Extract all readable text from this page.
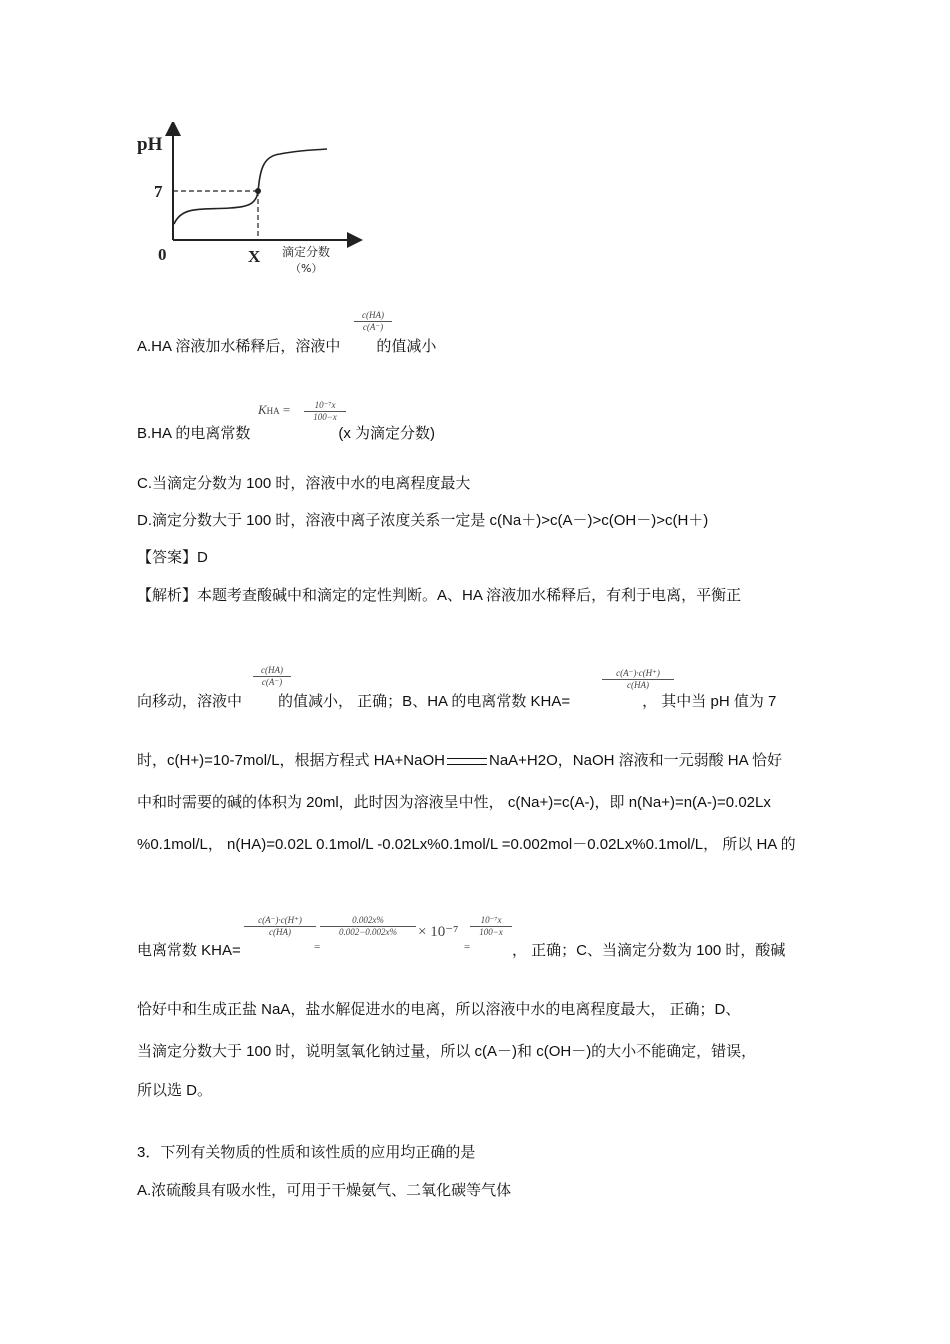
pH
7
0	X 滴定分数
（%）
A.HA 溶液加水稀释后，溶液中 的值减小
c(HA)
c(A⁻)
B.HA 的电离常数	(x 为滴定分数)
KHA =	10⁻⁷x
100−x
C.当滴定分数为 100 时，溶液中水的电离程度最大
D.滴定分数大于 100 时，溶液中离子浓度关系一定是 c(Na＋)>c(A－)>c(OH－)>c(H＋)
【答案】D
【解析】本题考查酸碱中和滴定的定性判断。A、HA 溶液加水稀释后，有利于电离，平衡正
向移动，溶液中 的值减小， 正确；B、HA 的电离常数 KHA=	， 其中当 pH 值为 7
c(HA)
c(A⁻)
c(A⁻)·c(H⁺)
c(HA)
时，c(H+)=10-7mol/L，根据方程式 HA+NaOH	NaA+H2O，NaOH 溶液和一元弱酸 HA 恰好
中和时需要的碱的体积为 20ml，此时因为溶液呈中性， c(Na+)=c(A-)，即 n(Na+)=n(A-)=0.02Lx
%0.1mol/L， n(HA)=0.02L 0.1mol/L -0.02Lx%0.1mol/L =0.002mol－0.02Lx%0.1mol/L， 所以 HA 的
电离常数 KHA=
c(A⁻)·c(H⁺)
c(HA)
=
0.002x%
0.002−0.002x%	× 10⁻⁷
=
10⁻⁷x
100−x
， 正确；C、当滴定分数为 100 时，酸碱
恰好中和生成正盐 NaA，盐水解促进水的电离，所以溶液中水的电离程度最大， 正确；D、
当滴定分数大于 100 时，说明氢氧化钠过量，所以 c(A－)和 c(OH－)的大小不能确定，错误，
所以选 D。
3．下列有关物质的性质和该性质的应用均正确的是
A.浓硫酸具有吸水性，可用于干燥氨气、二氧化碳等气体
